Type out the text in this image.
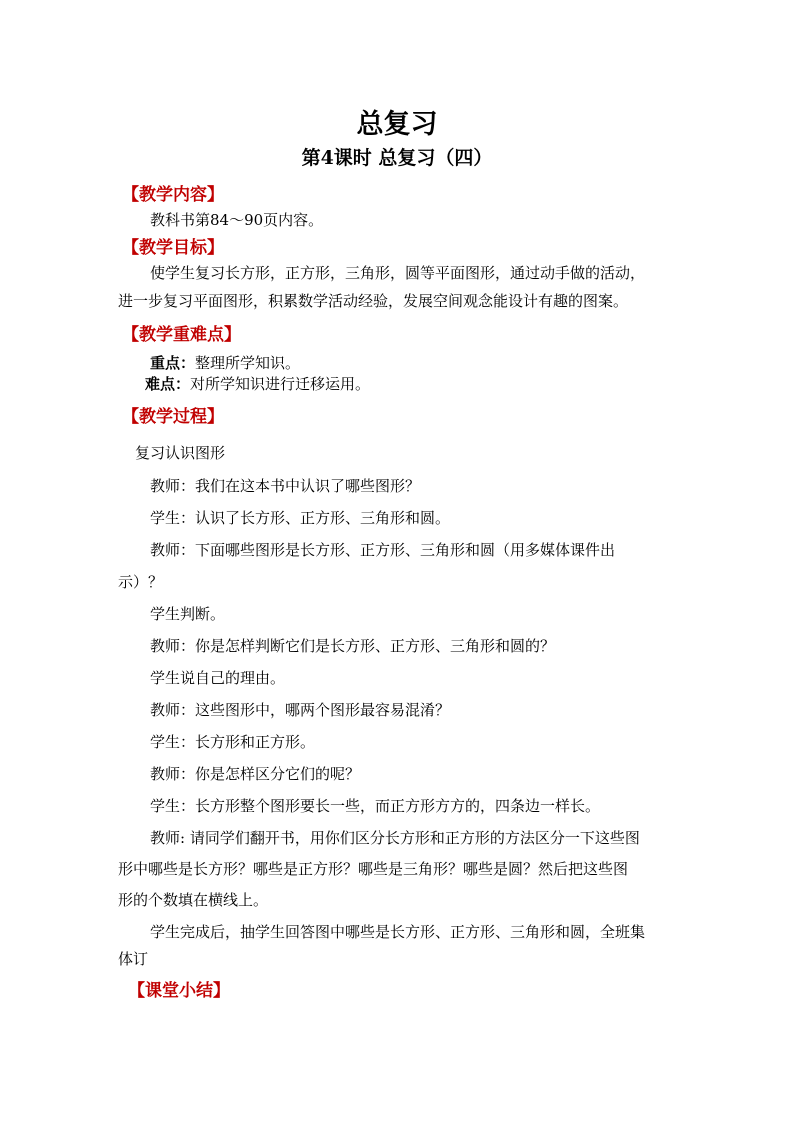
总复习
第4课时 总复习（四）
【教学内容】
教科书第84～90页内容。
【教学目标】
使学生复习长方形，正方形，三角形，圆等平面图形，通过动手做的活动，
进一步复习平面图形，积累数学活动经验，发展空间观念能设计有趣的图案。
【教学重难点】
重点：整理所学知识。
难点：对所学知识进行迁移运用。
【教学过程】
复习认识图形
教师：我们在这本书中认识了哪些图形？
学生：认识了长方形、正方形、三角形和圆。
教师：下面哪些图形是长方形、正方形、三角形和圆（用多媒体课件出
示）？
学生判断。
教师：你是怎样判断它们是长方形、正方形、三角形和圆的？
学生说自己的理由。
教师：这些图形中，哪两个图形最容易混淆？
学生：长方形和正方形。
教师：你是怎样区分它们的呢？
学生：长方形整个图形要长一些，而正方形方方的，四条边一样长。
教师: 请同学们翻开书，用你们区分长方形和正方形的方法区分一下这些图
形中哪些是长方形？哪些是正方形？哪些是三角形？哪些是圆？然后把这些图
形的个数填在横线上。
学生完成后，抽学生回答图中哪些是长方形、正方形、三角形和圆，全班集
体订
【课堂小结】
